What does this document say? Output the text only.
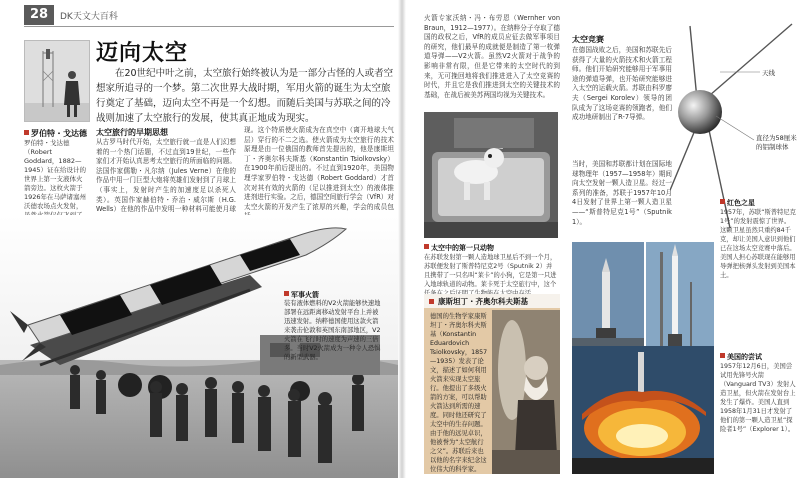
28	DK天文大百科
罗伯特・戈达德
罗伯特・戈达德（Robert Goddard，1882—1945）证在给设计的世界上第一支液体火箭旁边。这枚火箭于1926年在马萨诸塞州沃德农场点火发射，
迈向太空
在20世纪中叶之前，太空旅行始终被认为是一部分古怪的人或者空想家所追寻的一个梦。第二次世界大战时期，军用火箭的诞生为太空旅行奠定了基础，迈向太空不再是一个幻想。而随后美国与苏联之间的冷战则加速了太空旅行的发展，使其真正地成为现实。
太空旅行的早期思想
从古罗马时代开始，太空旅行就一直是人们幻想着的一个热门话题，不过直到19世纪，一些作家们才开始认真思考太空旅行的所面临的问题。法国作家儒勒・凡尔纳（Jules Verne）在他的作品中用一门巨型大炮将英雄们发射到了月球上（事实上，发射时产生的加速度足以杀死人类）。英国作家赫伯特・乔治・威尔斯（H.G. Wells）在他的作品中发明一种材料可能使月球
现。这个特质使火箭成为在真空中（离开地球大气层）穿行的不二之选。使火箭成为太空旅行的技术原理是由一位俄国的教师首先提出的，他是康斯坦丁・齐奥尔科夫斯基（Konstantin Tsiolkovsky）在1900年前后提出的。不过直到1920年，美国物理学家罗伯特・戈达德（Robert Goddard）才首次对其有效的火箭的（足以推进到太空）的液体推进剂进行实验。之后，德国空间旅行学会（VfR）对太空火箭的开发产生了浓厚的兴趣，学会的成员包
军事火箭
装有液体燃料的V2火箭能够快速地部署在远距离移动发射平台上并被迅速发射。纳粹德国使用这款火箭来袭击伦敦和英国东南部地区，V2火箭在飞行时的速度为声速的三倍多。当时V2火箭成为一种令人恐惧的新型武器。
火箭专家沃纳・冯・布劳恩（Wernher von Braun，1912—1977）。在纳粹分子夺取了德国的政权之后，VfR的成员应征去做军事项目的研究，他们最早的成就便是制造了第一枚弹道导弹——V2火箭。虽然V2火箭对于战争的影响非常有限，但是它带来的太空时代的到来，无可挽回地将我们推进进入了太空竞赛的时代，并且它是我们推进到太空的关键技术的基础，在战后被美苏两国均视为关键技术。
太空中的第一只动物
在苏联发射第一颗人造地球卫星后不到一个月，苏联便发射了斯普特尼克2号（Sputnik 2）并且携带了一只名叫“莱卡”的小狗，它是第一只进入地球轨道的动物。莱卡死于太空旅行中，这个
康斯坦丁・齐奥尔科夫斯基
德国的生物学家康斯坦丁・齐奥尔科夫斯基（Konstantin Eduardovich Tsiolkovsky，1857—1935）发表了论文，描述了如何利用火箭来实现太空旅行。他提出了多级火箭的方案，可以帮助火箭达到所需的速度。同时他还研究了太空中的生存问题。由于他的远见卓识，他被誉为“太空航行之父”。苏联后来也以他的名字来纪念这位伟大的科学家。
太空竞赛
在德国战败之后，美国和苏联先后获得了大量的火箭技术和火箭工程师。他们开始研究能够用于军事用途的弹道导弹，也开始研究能够进入太空的运载火箭。苏联由科罗廖夫（Sergei Korolev）领导的团队成为了这场竞赛的领跑者，他们成功地研制出了R-7导弹。
当时，美国和苏联都计划在国际地球物理年（1957—1958年）期间向太空发射一颗人造卫星。经过一系列的准备，苏联于1957年10月4日发射了世界上第一颗人造卫星——“斯普特尼克1号”（Sputnik 1）。
天线
直径为58厘米的铝制球体
红色之星
1957年，苏联“斯普特尼克1号”的发射震惊了世界。这颗卫星虽然只重约84千克，却让美国人意识到他们已在这场太空竞赛中落后。美国人担心苏联现在能够用导弹把核弹头发射到美国本土。
美国的尝试
1957年12月6日，美国尝试用先锋号火箭（Vanguard TV3）发射人造卫星，但火箭在发射台上发生了爆炸。美国人直到1958年1月31日才发射了他们的第一颗人造卫星“探险者1号”（Explorer 1）。
